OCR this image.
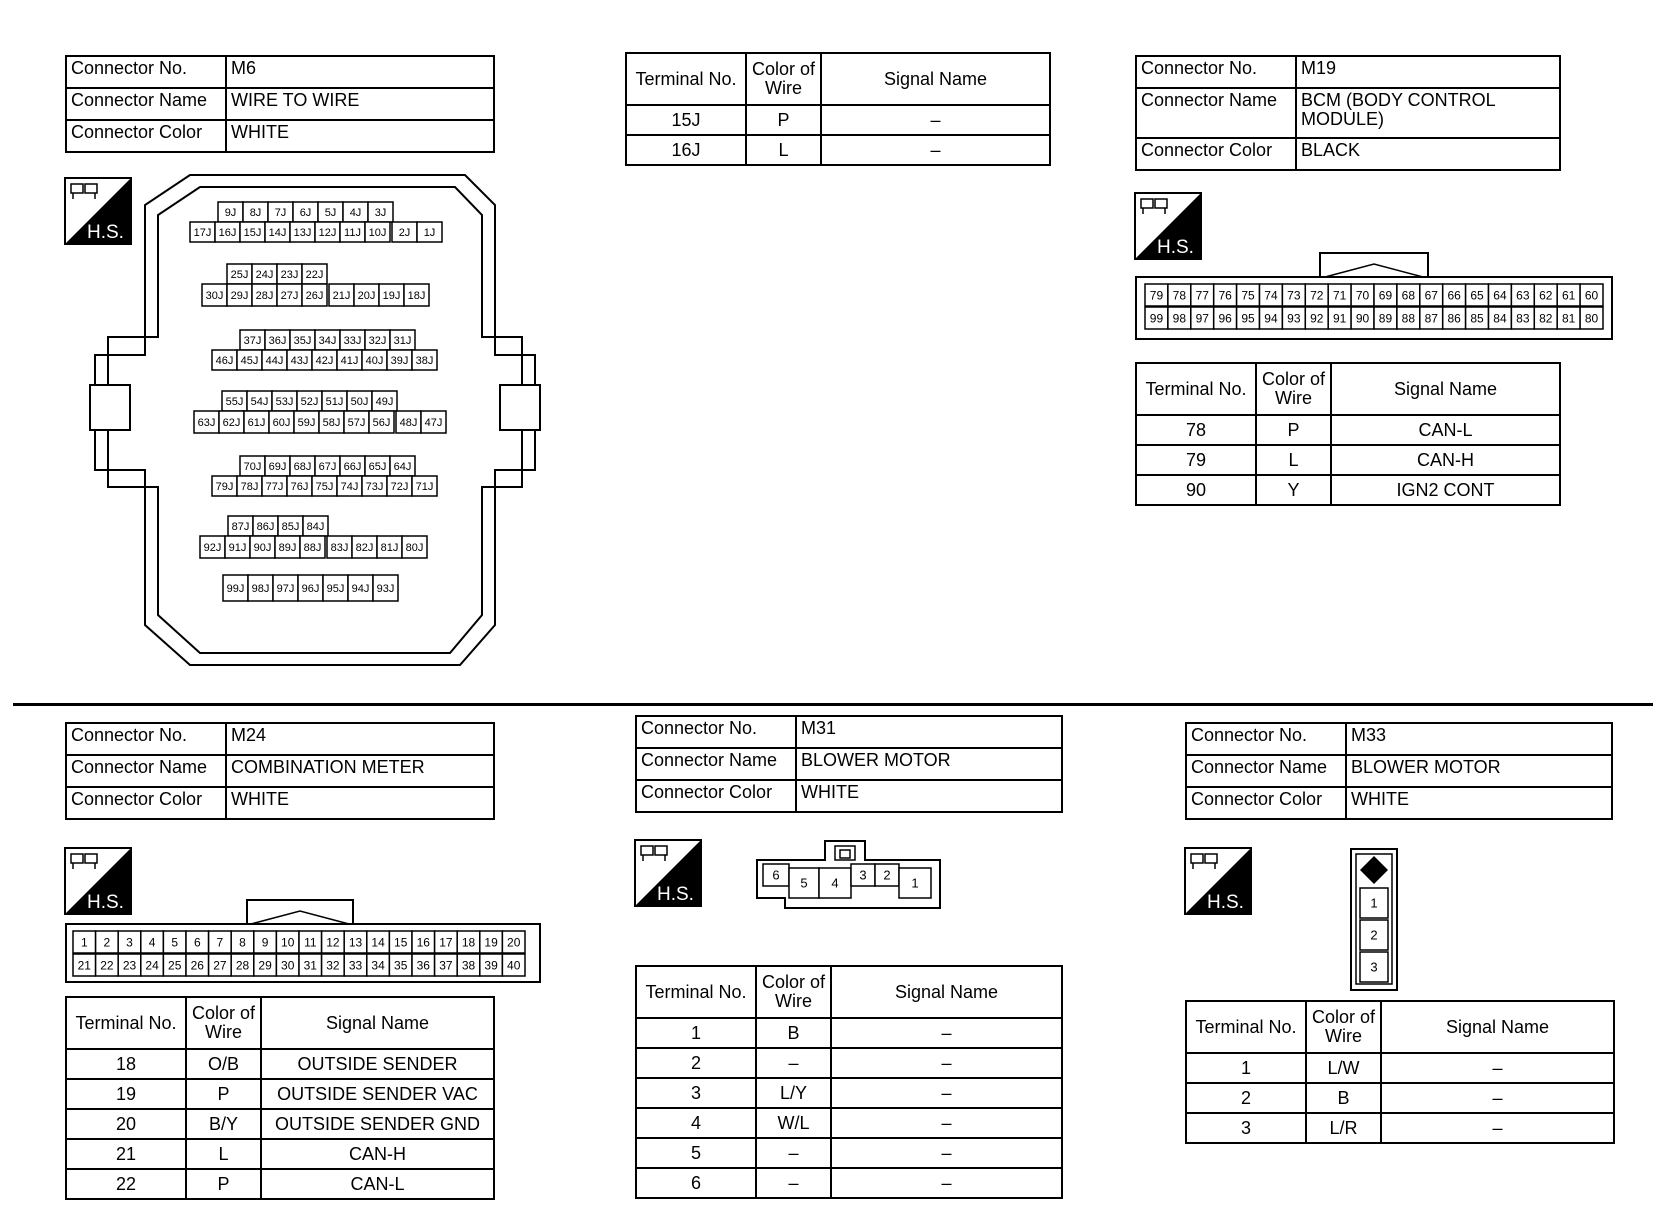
Connector No.	M6
Connector Name	WIRE TO WIRE
Connector Color	WHITE
H.S.
9J 8J 7J 6J 5J 4J 3J
17J 16J 15J 14J 13J 12J 11J 10J 2J 1J
25J 24J 23J 22J
30J 29J 28J 27J 26J 21J 20J 19J 18J
37J 36J 35J 34J 33J 32J 31J
46J 45J 44J 43J 42J 41J 40J 39J 38J
55J 54J 53J 52J 51J 50J 49J
63J 62J 61J 60J 59J 58J 57J 56J 48J 47J
70J 69J 68J 67J 66J 65J 64J
79J 78J 77J 76J 75J 74J 73J 72J 71J
87J 86J 85J 84J
92J 91J 90J 89J 88J 83J 82J 81J 80J
99J 98J 97J 96J 95J 94J 93J
Terminal No.	Color of Wire	Signal Name
15J	P	–
16J	L	–
Connector No.	M19
Connector Name	BCM (BODY CONTROL MODULE)
Connector Color	BLACK
H.S.
79 78 77 76 75 74 73 72 71 70 69 68 67 66 65 64 63 62 61 60
99 98 97 96 95 94 93 92 91 90 89 88 87 86 85 84 83 82 81 80
Terminal No.	Color of Wire	Signal Name
78	P	CAN-L
79	L	CAN-H
90	Y	IGN2 CONT
Connector No.	M24
Connector Name	COMBINATION METER
Connector Color	WHITE
H.S.
1 2 3 4 5 6 7 8 9 10 11 12 13 14 15 16 17 18 19 20
21 22 23 24 25 26 27 28 29 30 31 32 33 34 35 36 37 38 39 40
Terminal No.	Color of Wire	Signal Name
18	O/B	OUTSIDE SENDER
19	P	OUTSIDE SENDER VAC
20	B/Y	OUTSIDE SENDER GND
21	L	CAN-H
22	P	CAN-L
Connector No.	M31
Connector Name	BLOWER MOTOR
Connector Color	WHITE
H.S.
6
5 4
3 2
1
Terminal No.	Color of Wire	Signal Name
1	B	–
2	–	–
3	L/Y	–
4	W/L	–
5	–	–
6	–	–
Connector No.	M33
Connector Name	BLOWER MOTOR
Connector Color	WHITE
H.S.	1
2
3
Terminal No.	Color of Wire	Signal Name
1	L/W	–
2	B	–
3	L/R	–
